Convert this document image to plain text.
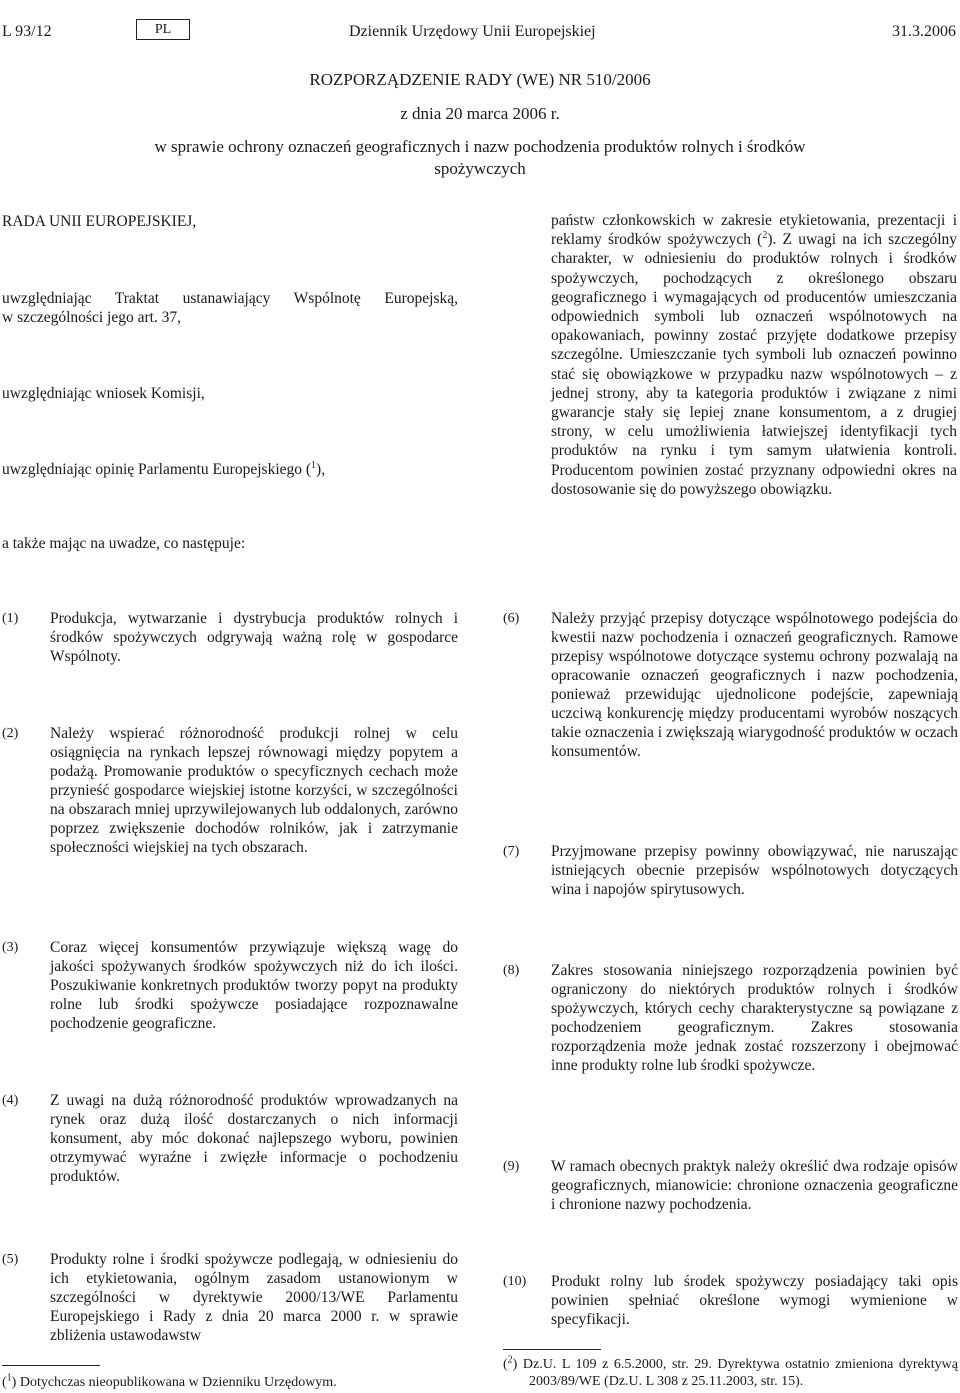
L 93/12	PL	Dziennik Urzędowy Unii Europejskiej	31.3.2006
ROZPORZĄDZENIE RADY (WE) NR 510/2006
z dnia 20 marca 2006 r.
w sprawie ochrony oznaczeń geograficznych i nazw pochodzenia produktów rolnych i środków
spożywczych
RADA UNII EUROPEJSKIEJ,
uwzględniając Traktat ustanawiający Wspólnotę Europejską,
w szczególności jego art. 37,
uwzględniając wniosek Komisji,
uwzględniając opinię Parlamentu Europejskiego ($^1$),
a także mając na uwadze, co następuje:
państw członkowskich w zakresie etykietowania, prezentacji i reklamy środków spożywczych ($^2$). Z uwagi na ich szczególny charakter, w odniesieniu do produktów rolnych i środków spożywczych, pochodzących z określonego obszaru geograficznego i wymagających od producentów umieszczania odpowiednich symboli lub oznaczeń wspólnotowych na opakowaniach, powinny zostać przyjęte dodatkowe przepisy szczególne. Umieszczanie tych symboli lub oznaczeń powinno stać się obowiązkowe w przypadku nazw wspólnotowych – z jednej strony, aby ta kategoria produktów i związane z nimi gwarancje stały się lepiej znane konsumentom, a z drugiej strony, w celu umożliwienia łatwiejszej identyfikacji tych produktów na rynku i tym samym ułatwienia kontroli. Producentom powinien zostać przyznany odpowiedni okres na dostosowanie się do powyższego obowiązku.
(1) Produkcja, wytwarzanie i dystrybucja produktów rolnych i środków spożywczych odgrywają ważną rolę w gospodarce Wspólnoty.
(2) Należy wspierać różnorodność produkcji rolnej w celu osiągnięcia na rynkach lepszej równowagi między popytem a podażą. Promowanie produktów o specyficznych cechach może przynieść gospodarce wiejskiej istotne korzyści, w szczególności na obszarach mniej uprzywilejowanych lub oddalonych, zarówno poprzez zwiększenie dochodów rolników, jak i zatrzymanie społeczności wiejskiej na tych obszarach.
(3) Coraz więcej konsumentów przywiązuje większą wagę do jakości spożywanych środków spożywczych niż do ich ilości. Poszukiwanie konkretnych produktów tworzy popyt na produkty rolne lub środki spożywcze posiadające rozpoznawalne pochodzenie geograficzne.
(4) Z uwagi na dużą różnorodność produktów wprowadzanych na rynek oraz dużą ilość dostarczanych o nich informacji konsument, aby móc dokonać najlepszego wyboru, powinien otrzymywać wyraźne i zwięzłe informacje o pochodzeniu produktów.
(5) Produkty rolne i środki spożywcze podlegają, w odniesieniu do ich etykietowania, ogólnym zasadom ustanowionym w szczególności w dyrektywie 2000/13/WE Parlamentu Europejskiego i Rady z dnia 20 marca 2000 r. w sprawie zbliżenia ustawodawstw
(6) Należy przyjąć przepisy dotyczące wspólnotowego podejścia do kwestii nazw pochodzenia i oznaczeń geograficznych. Ramowe przepisy wspólnotowe dotyczące systemu ochrony pozwalają na opracowanie oznaczeń geograficznych i nazw pochodzenia, ponieważ przewidując ujednolicone podejście, zapewniają uczciwą konkurencję między producentami wyrobów noszących takie oznaczenia i zwiększają wiarygodność produktów w oczach konsumentów.
(7) Przyjmowane przepisy powinny obowiązywać, nie naruszając istniejących obecnie przepisów wspólnotowych dotyczących wina i napojów spirytusowych.
(8) Zakres stosowania niniejszego rozporządzenia powinien być ograniczony do niektórych produktów rolnych i środków spożywczych, których cechy charakterystyczne są powiązane z pochodzeniem geograficznym. Zakres stosowania rozporządzenia może jednak zostać rozszerzony i obejmować inne produkty rolne lub środki spożywcze.
(9) W ramach obecnych praktyk należy określić dwa rodzaje opisów geograficznych, mianowicie: chronione oznaczenia geograficzne i chronione nazwy pochodzenia.
(10) Produkt rolny lub środek spożywczy posiadający taki opis powinien spełniać określone wymogi wymienione w specyfikacji.
($^1$) Dotychczas nieopublikowana w Dzienniku Urzędowym.
($^2$) Dz.U. L 109 z 6.5.2000, str. 29. Dyrektywa ostatnio zmieniona dyrektywą 2003/89/WE (Dz.U. L 308 z 25.11.2003, str. 15).
